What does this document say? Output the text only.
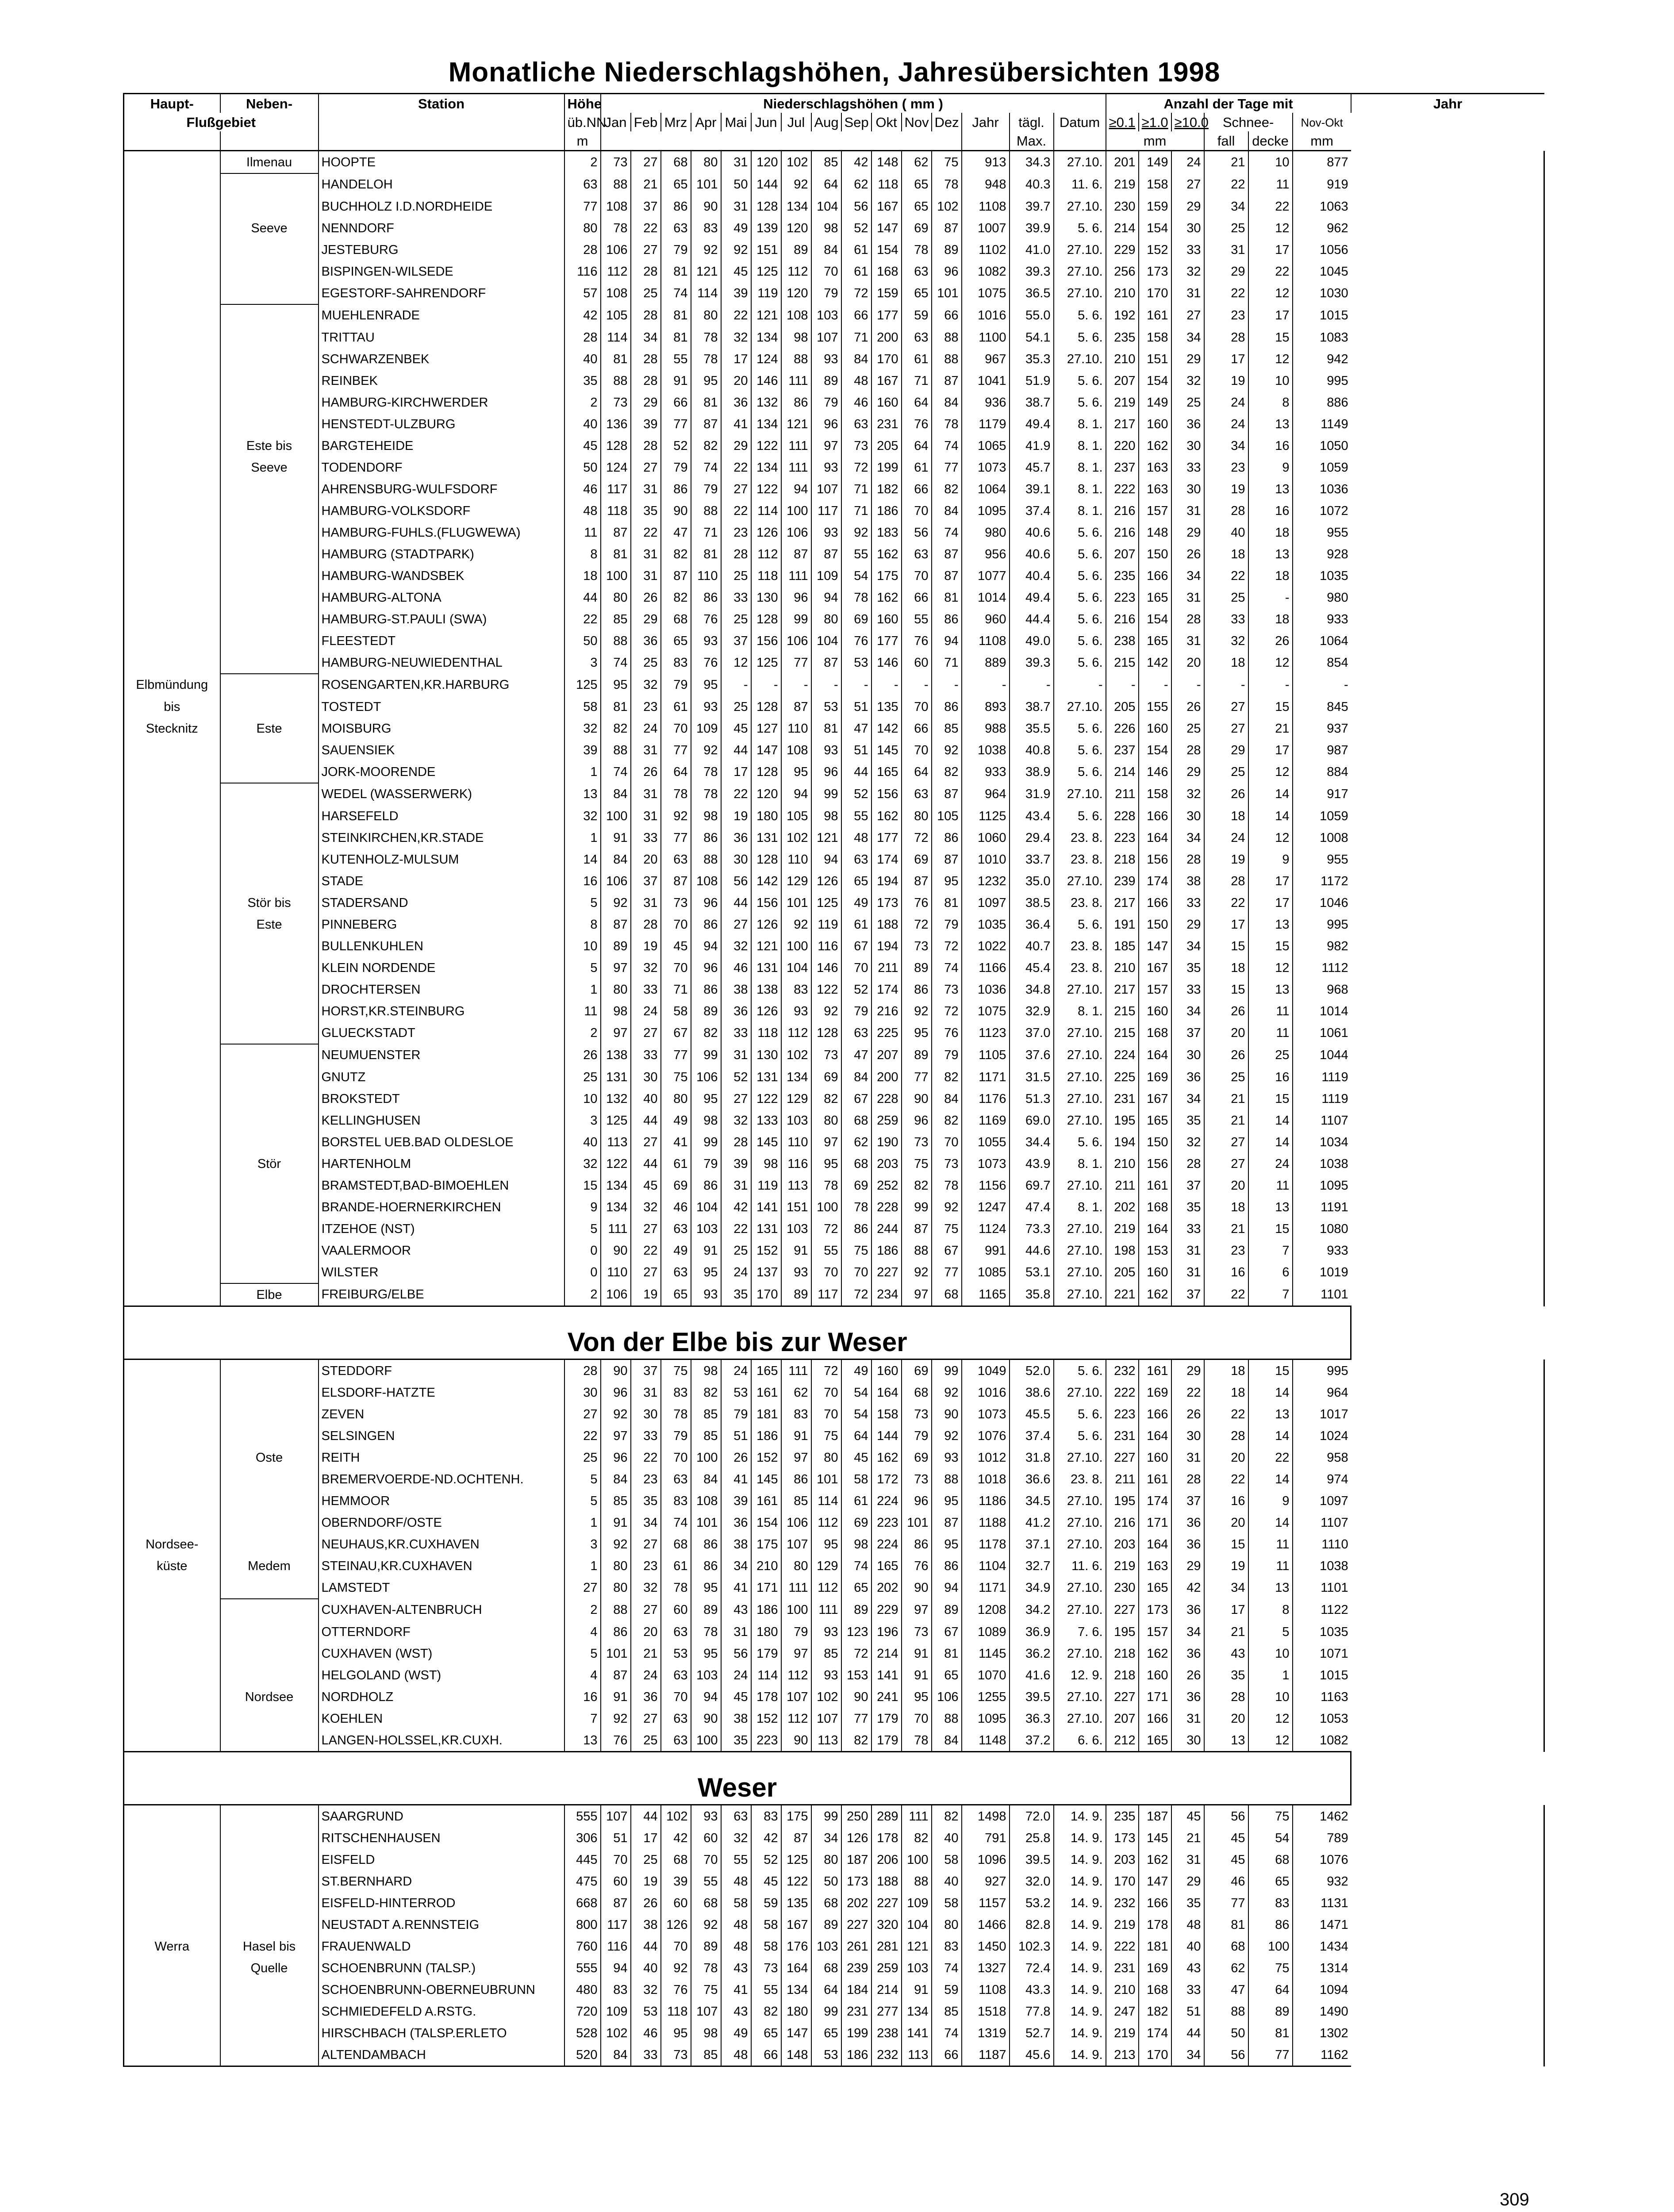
Monatliche Niederschlagshöhen, Jahresübersichten 1998
Haupt-	Neben-	Station	Höhe	Niederschlagshöhen ( mm )															Anzahl der Tage mit						Jahr
Flußgebiet			üb.NN	Jan	Feb	Mrz	Apr	Mai	Jun	Jul	Aug	Sep	Okt	Nov	Dez	Jahr	tägl.	Datum	≥0.1	≥1.0	≥10.0	Schnee-		Nov-Okt	
			m														Max.		mm			fall	decke	mm	
	Ilmenau	HOOPTE	2	73	27	68	80	31	120	102	85	42	148	62	75	913	34.3	27.10.	201	149	24	21	10	877	
		HANDELOH	63	88	21	65	101	50	144	92	64	62	118	65	78	948	40.3	11. 6.	219	158	27	22	11	919	
		BUCHHOLZ I.D.NORDHEIDE	77	108	37	86	90	31	128	134	104	56	167	65	102	1108	39.7	27.10.	230	159	29	34	22	1063	
	Seeve	NENNDORF	80	78	22	63	83	49	139	120	98	52	147	69	87	1007	39.9	5. 6.	214	154	30	25	12	962	
		JESTEBURG	28	106	27	79	92	92	151	89	84	61	154	78	89	1102	41.0	27.10.	229	152	33	31	17	1056	
		BISPINGEN-WILSEDE	116	112	28	81	121	45	125	112	70	61	168	63	96	1082	39.3	27.10.	256	173	32	29	22	1045	
		EGESTORF-SAHRENDORF	57	108	25	74	114	39	119	120	79	72	159	65	101	1075	36.5	27.10.	210	170	31	22	12	1030	
		MUEHLENRADE	42	105	28	81	80	22	121	108	103	66	177	59	66	1016	55.0	5. 6.	192	161	27	23	17	1015	
		TRITTAU	28	114	34	81	78	32	134	98	107	71	200	63	88	1100	54.1	5. 6.	235	158	34	28	15	1083	
		SCHWARZENBEK	40	81	28	55	78	17	124	88	93	84	170	61	88	967	35.3	27.10.	210	151	29	17	12	942	
		REINBEK	35	88	28	91	95	20	146	111	89	48	167	71	87	1041	51.9	5. 6.	207	154	32	19	10	995	
		HAMBURG-KIRCHWERDER	2	73	29	66	81	36	132	86	79	46	160	64	84	936	38.7	5. 6.	219	149	25	24	8	886	
		HENSTEDT-ULZBURG	40	136	39	77	87	41	134	121	96	63	231	76	78	1179	49.4	8. 1.	217	160	36	24	13	1149	
	Este bis	BARGTEHEIDE	45	128	28	52	82	29	122	111	97	73	205	64	74	1065	41.9	8. 1.	220	162	30	34	16	1050	
	Seeve	TODENDORF	50	124	27	79	74	22	134	111	93	72	199	61	77	1073	45.7	8. 1.	237	163	33	23	9	1059	
		AHRENSBURG-WULFSDORF	46	117	31	86	79	27	122	94	107	71	182	66	82	1064	39.1	8. 1.	222	163	30	19	13	1036	
		HAMBURG-VOLKSDORF	48	118	35	90	88	22	114	100	117	71	186	70	84	1095	37.4	8. 1.	216	157	31	28	16	1072	
		HAMBURG-FUHLS.(FLUGWEWA)	11	87	22	47	71	23	126	106	93	92	183	56	74	980	40.6	5. 6.	216	148	29	40	18	955	
		HAMBURG (STADTPARK)	8	81	31	82	81	28	112	87	87	55	162	63	87	956	40.6	5. 6.	207	150	26	18	13	928	
		HAMBURG-WANDSBEK	18	100	31	87	110	25	118	111	109	54	175	70	87	1077	40.4	5. 6.	235	166	34	22	18	1035	
		HAMBURG-ALTONA	44	80	26	82	86	33	130	96	94	78	162	66	81	1014	49.4	5. 6.	223	165	31	25	-	980	
		HAMBURG-ST.PAULI (SWA)	22	85	29	68	76	25	128	99	80	69	160	55	86	960	44.4	5. 6.	216	154	28	33	18	933	
		FLEESTEDT	50	88	36	65	93	37	156	106	104	76	177	76	94	1108	49.0	5. 6.	238	165	31	32	26	1064	
		HAMBURG-NEUWIEDENTHAL	3	74	25	83	76	12	125	77	87	53	146	60	71	889	39.3	5. 6.	215	142	20	18	12	854	
Elbmündung		ROSENGARTEN,KR.HARBURG	125	95	32	79	95	-	-	-	-	-	-	-	-	-	-	-	-	-	-	-	-	-	
bis		TOSTEDT	58	81	23	61	93	25	128	87	53	51	135	70	86	893	38.7	27.10.	205	155	26	27	15	845	
Stecknitz	Este	MOISBURG	32	82	24	70	109	45	127	110	81	47	142	66	85	988	35.5	5. 6.	226	160	25	27	21	937	
		SAUENSIEK	39	88	31	77	92	44	147	108	93	51	145	70	92	1038	40.8	5. 6.	237	154	28	29	17	987	
		JORK-MOORENDE	1	74	26	64	78	17	128	95	96	44	165	64	82	933	38.9	5. 6.	214	146	29	25	12	884	
		WEDEL (WASSERWERK)	13	84	31	78	78	22	120	94	99	52	156	63	87	964	31.9	27.10.	211	158	32	26	14	917	
		HARSEFELD	32	100	31	92	98	19	180	105	98	55	162	80	105	1125	43.4	5. 6.	228	166	30	18	14	1059	
		STEINKIRCHEN,KR.STADE	1	91	33	77	86	36	131	102	121	48	177	72	86	1060	29.4	23. 8.	223	164	34	24	12	1008	
		KUTENHOLZ-MULSUM	14	84	20	63	88	30	128	110	94	63	174	69	87	1010	33.7	23. 8.	218	156	28	19	9	955	
		STADE	16	106	37	87	108	56	142	129	126	65	194	87	95	1232	35.0	27.10.	239	174	38	28	17	1172	
	Stör bis	STADERSAND	5	92	31	73	96	44	156	101	125	49	173	76	81	1097	38.5	23. 8.	217	166	33	22	17	1046	
	Este	PINNEBERG	8	87	28	70	86	27	126	92	119	61	188	72	79	1035	36.4	5. 6.	191	150	29	17	13	995	
		BULLENKUHLEN	10	89	19	45	94	32	121	100	116	67	194	73	72	1022	40.7	23. 8.	185	147	34	15	15	982	
		KLEIN NORDENDE	5	97	32	70	96	46	131	104	146	70	211	89	74	1166	45.4	23. 8.	210	167	35	18	12	1112	
		DROCHTERSEN	1	80	33	71	86	38	138	83	122	52	174	86	73	1036	34.8	27.10.	217	157	33	15	13	968	
		HORST,KR.STEINBURG	11	98	24	58	89	36	126	93	92	79	216	92	72	1075	32.9	8. 1.	215	160	34	26	11	1014	
		GLUECKSTADT	2	97	27	67	82	33	118	112	128	63	225	95	76	1123	37.0	27.10.	215	168	37	20	11	1061	
		NEUMUENSTER	26	138	33	77	99	31	130	102	73	47	207	89	79	1105	37.6	27.10.	224	164	30	26	25	1044	
		GNUTZ	25	131	30	75	106	52	131	134	69	84	200	77	82	1171	31.5	27.10.	225	169	36	25	16	1119	
		BROKSTEDT	10	132	40	80	95	27	122	129	82	67	228	90	84	1176	51.3	27.10.	231	167	34	21	15	1119	
		KELLINGHUSEN	3	125	44	49	98	32	133	103	80	68	259	96	82	1169	69.0	27.10.	195	165	35	21	14	1107	
		BORSTEL UEB.BAD OLDESLOE	40	113	27	41	99	28	145	110	97	62	190	73	70	1055	34.4	5. 6.	194	150	32	27	14	1034	
	Stör	HARTENHOLM	32	122	44	61	79	39	98	116	95	68	203	75	73	1073	43.9	8. 1.	210	156	28	27	24	1038	
		BRAMSTEDT,BAD-BIMOEHLEN	15	134	45	69	86	31	119	113	78	69	252	82	78	1156	69.7	27.10.	211	161	37	20	11	1095	
		BRANDE-HOERNERKIRCHEN	9	134	32	46	104	42	141	151	100	78	228	99	92	1247	47.4	8. 1.	202	168	35	18	13	1191	
		ITZEHOE (NST)	5	111	27	63	103	22	131	103	72	86	244	87	75	1124	73.3	27.10.	219	164	33	21	15	1080	
		VAALERMOOR	0	90	22	49	91	25	152	91	55	75	186	88	67	991	44.6	27.10.	198	153	31	23	7	933	
		WILSTER	0	110	27	63	95	24	137	93	70	70	227	92	77	1085	53.1	27.10.	205	160	31	16	6	1019	
	Elbe	FREIBURG/ELBE	2	106	19	65	93	35	170	89	117	72	234	97	68	1165	35.8	27.10.	221	162	37	22	7	1101	
Von der Elbe bis zur Weser																									
		STEDDORF	28	90	37	75	98	24	165	111	72	49	160	69	99	1049	52.0	5. 6.	232	161	29	18	15	995	
		ELSDORF-HATZTE	30	96	31	83	82	53	161	62	70	54	164	68	92	1016	38.6	27.10.	222	169	22	18	14	964	
		ZEVEN	27	92	30	78	85	79	181	83	70	54	158	73	90	1073	45.5	5. 6.	223	166	26	22	13	1017	
		SELSINGEN	22	97	33	79	85	51	186	91	75	64	144	79	92	1076	37.4	5. 6.	231	164	30	28	14	1024	
	Oste	REITH	25	96	22	70	100	26	152	97	80	45	162	69	93	1012	31.8	27.10.	227	160	31	20	22	958	
		BREMERVOERDE-ND.OCHTENH.	5	84	23	63	84	41	145	86	101	58	172	73	88	1018	36.6	23. 8.	211	161	28	22	14	974	
		HEMMOOR	5	85	35	83	108	39	161	85	114	61	224	96	95	1186	34.5	27.10.	195	174	37	16	9	1097	
		OBERNDORF/OSTE	1	91	34	74	101	36	154	106	112	69	223	101	87	1188	41.2	27.10.	216	171	36	20	14	1107	
Nordsee-		NEUHAUS,KR.CUXHAVEN	3	92	27	68	86	38	175	107	95	98	224	86	95	1178	37.1	27.10.	203	164	36	15	11	1110	
küste	Medem	STEINAU,KR.CUXHAVEN	1	80	23	61	86	34	210	80	129	74	165	76	86	1104	32.7	11. 6.	219	163	29	19	11	1038	
		LAMSTEDT	27	80	32	78	95	41	171	111	112	65	202	90	94	1171	34.9	27.10.	230	165	42	34	13	1101	
		CUXHAVEN-ALTENBRUCH	2	88	27	60	89	43	186	100	111	89	229	97	89	1208	34.2	27.10.	227	173	36	17	8	1122	
		OTTERNDORF	4	86	20	63	78	31	180	79	93	123	196	73	67	1089	36.9	7. 6.	195	157	34	21	5	1035	
		CUXHAVEN (WST)	5	101	21	53	95	56	179	97	85	72	214	91	81	1145	36.2	27.10.	218	162	36	43	10	1071	
		HELGOLAND (WST)	4	87	24	63	103	24	114	112	93	153	141	91	65	1070	41.6	12. 9.	218	160	26	35	1	1015	
	Nordsee	NORDHOLZ	16	91	36	70	94	45	178	107	102	90	241	95	106	1255	39.5	27.10.	227	171	36	28	10	1163	
		KOEHLEN	7	92	27	63	90	38	152	112	107	77	179	70	88	1095	36.3	27.10.	207	166	31	20	12	1053	
		LANGEN-HOLSSEL,KR.CUXH.	13	76	25	63	100	35	223	90	113	82	179	78	84	1148	37.2	6. 6.	212	165	30	13	12	1082	
Weser																									
		SAARGRUND	555	107	44	102	93	63	83	175	99	250	289	111	82	1498	72.0	14. 9.	235	187	45	56	75	1462	
		RITSCHENHAUSEN	306	51	17	42	60	32	42	87	34	126	178	82	40	791	25.8	14. 9.	173	145	21	45	54	789	
		EISFELD	445	70	25	68	70	55	52	125	80	187	206	100	58	1096	39.5	14. 9.	203	162	31	45	68	1076	
		ST.BERNHARD	475	60	19	39	55	48	45	122	50	173	188	88	40	927	32.0	14. 9.	170	147	29	46	65	932	
		EISFELD-HINTERROD	668	87	26	60	68	58	59	135	68	202	227	109	58	1157	53.2	14. 9.	232	166	35	77	83	1131	
		NEUSTADT A.RENNSTEIG	800	117	38	126	92	48	58	167	89	227	320	104	80	1466	82.8	14. 9.	219	178	48	81	86	1471	
Werra	Hasel bis	FRAUENWALD	760	116	44	70	89	48	58	176	103	261	281	121	83	1450	102.3	14. 9.	222	181	40	68	100	1434	
	Quelle	SCHOENBRUNN (TALSP.)	555	94	40	92	78	43	73	164	68	239	259	103	74	1327	72.4	14. 9.	231	169	43	62	75	1314	
		SCHOENBRUNN-OBERNEUBRUNN	480	83	32	76	75	41	55	134	64	184	214	91	59	1108	43.3	14. 9.	210	168	33	47	64	1094	
		SCHMIEDEFELD A.RSTG.	720	109	53	118	107	43	82	180	99	231	277	134	85	1518	77.8	14. 9.	247	182	51	88	89	1490	
		HIRSCHBACH (TALSP.ERLETO	528	102	46	95	98	49	65	147	65	199	238	141	74	1319	52.7	14. 9.	219	174	44	50	81	1302	
		ALTENDAMBACH	520	84	33	73	85	48	66	148	53	186	232	113	66	1187	45.6	14. 9.	213	170	34	56	77	1162	
309
